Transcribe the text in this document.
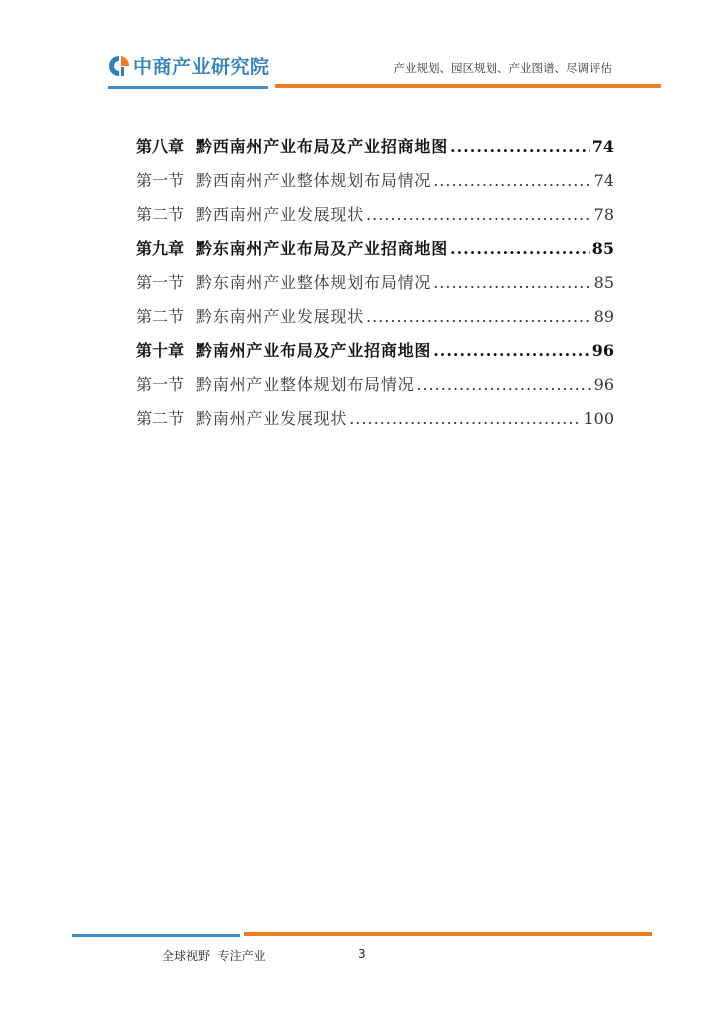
中商产业研究院	产业规划、园区规划、产业图谱、尽调评估
第八章 黔西南州产业布局及产业招商地图 .....	74
第一节 黔西南州产业整体规划布局情况 .....	74
第二节 黔西南州产业发展现状 .....	78
第九章 黔东南州产业布局及产业招商地图 .....	85
第一节 黔东南州产业整体规划布局情况 .....	85
第二节 黔东南州产业发展现状 .....	89
第十章 黔南州产业布局及产业招商地图 .....	96
第一节 黔南州产业整体规划布局情况 .....	96
第二节 黔南州产业发展现状 .....	100
全球视野  专注产业	3
